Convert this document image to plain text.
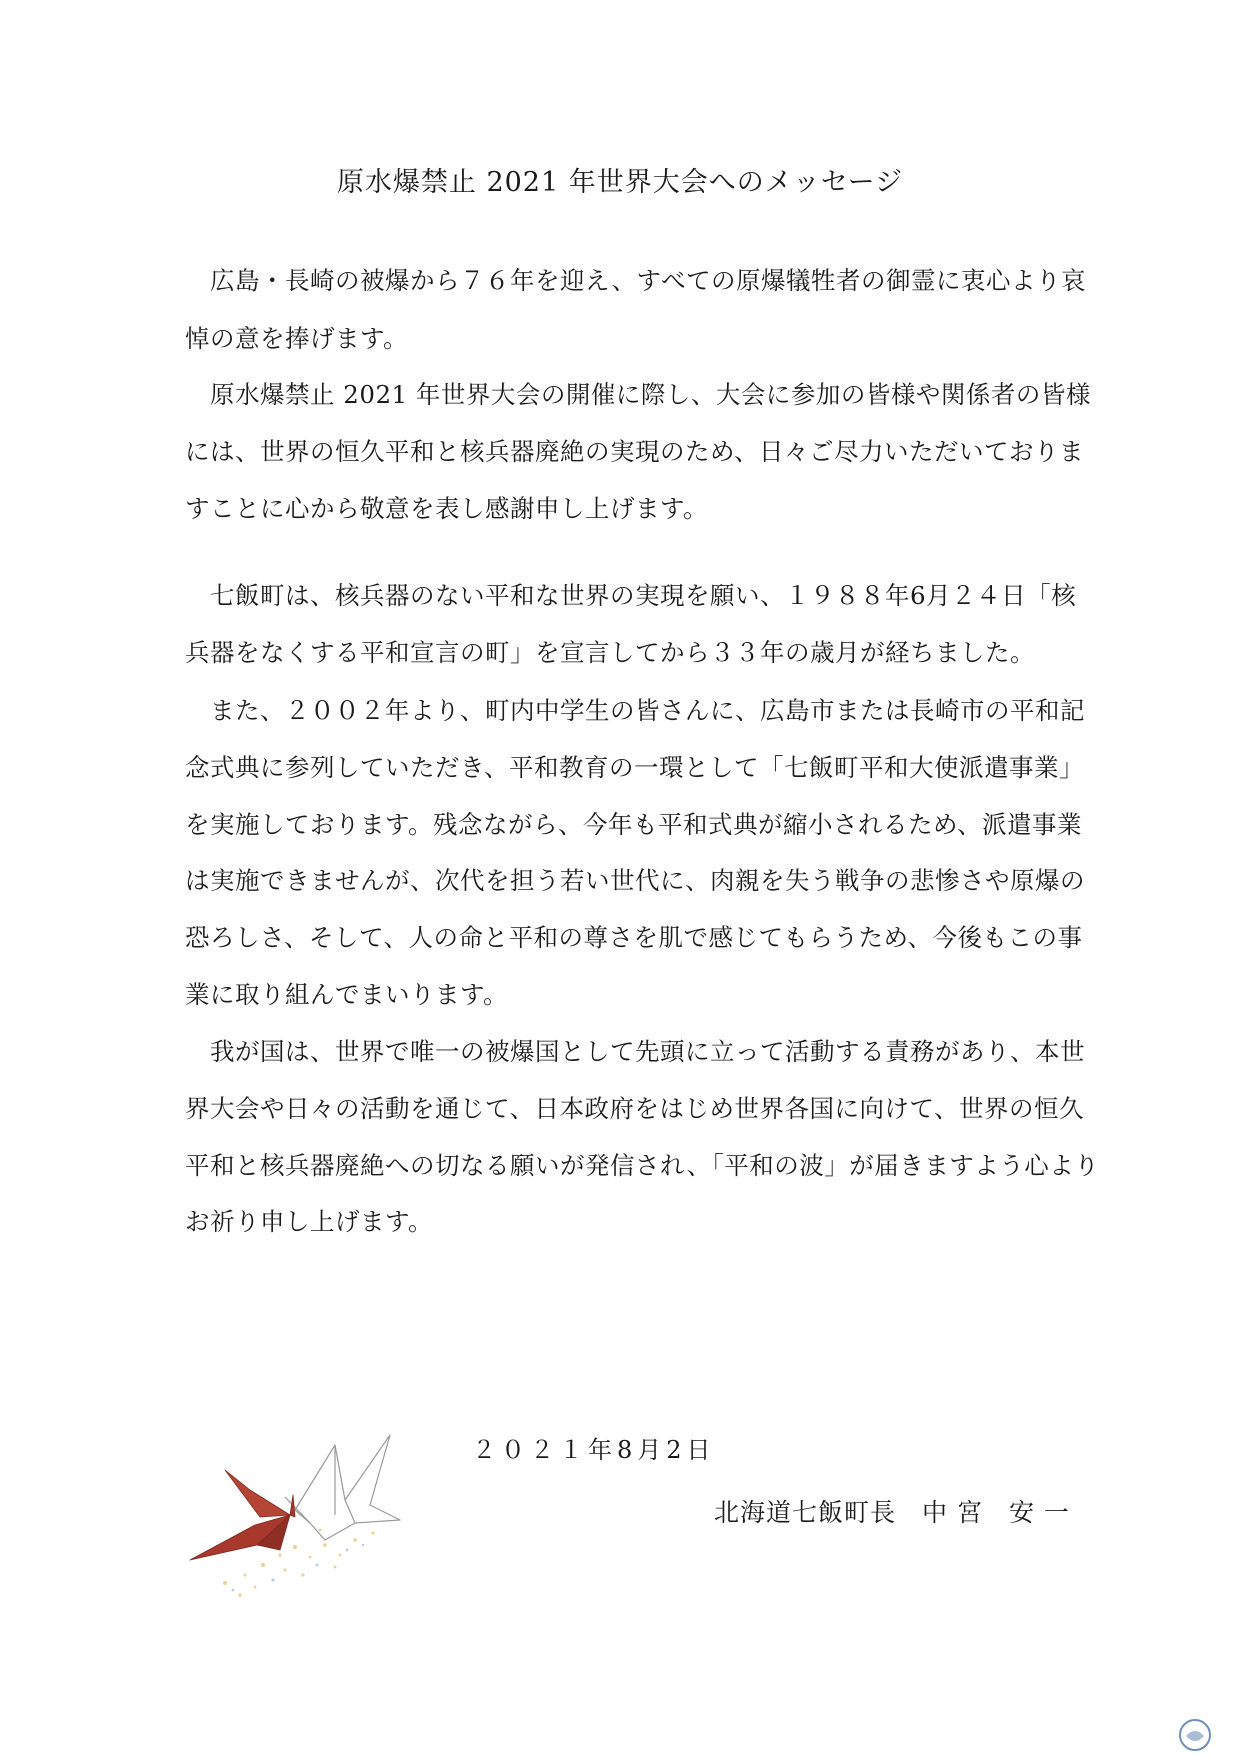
原水爆禁止 2021 年世界大会へのメッセージ
広島・長崎の被爆から７６年を迎え、すべての原爆犠牲者の御霊に衷心より哀
悼の意を捧げます。
原水爆禁止 2021 年世界大会の開催に際し、大会に参加の皆様や関係者の皆様
には、世界の恒久平和と核兵器廃絶の実現のため、日々ご尽力いただいておりま
すことに心から敬意を表し感謝申し上げます。
七飯町は、核兵器のない平和な世界の実現を願い、１９８８年6月２４日「核
兵器をなくする平和宣言の町」を宣言してから３３年の歳月が経ちました。
また、２００２年より、町内中学生の皆さんに、広島市または長崎市の平和記
念式典に参列していただき、平和教育の一環として「七飯町平和大使派遣事業」
を実施しております。残念ながら、今年も平和式典が縮小されるため、派遣事業
は実施できませんが、次代を担う若い世代に、肉親を失う戦争の悲惨さや原爆の
恐ろしさ、そして、人の命と平和の尊さを肌で感じてもらうため、今後もこの事
業に取り組んでまいります。
我が国は、世界で唯一の被爆国として先頭に立って活動する責務があり、本世
界大会や日々の活動を通じて、日本政府をはじめ世界各国に向けて、世界の恒久
平和と核兵器廃絶への切なる願いが発信され、「平和の波」が届きますよう心より
お祈り申し上げます。
２０２１年8月2日
北海道七飯町長　中 宮　安 一
